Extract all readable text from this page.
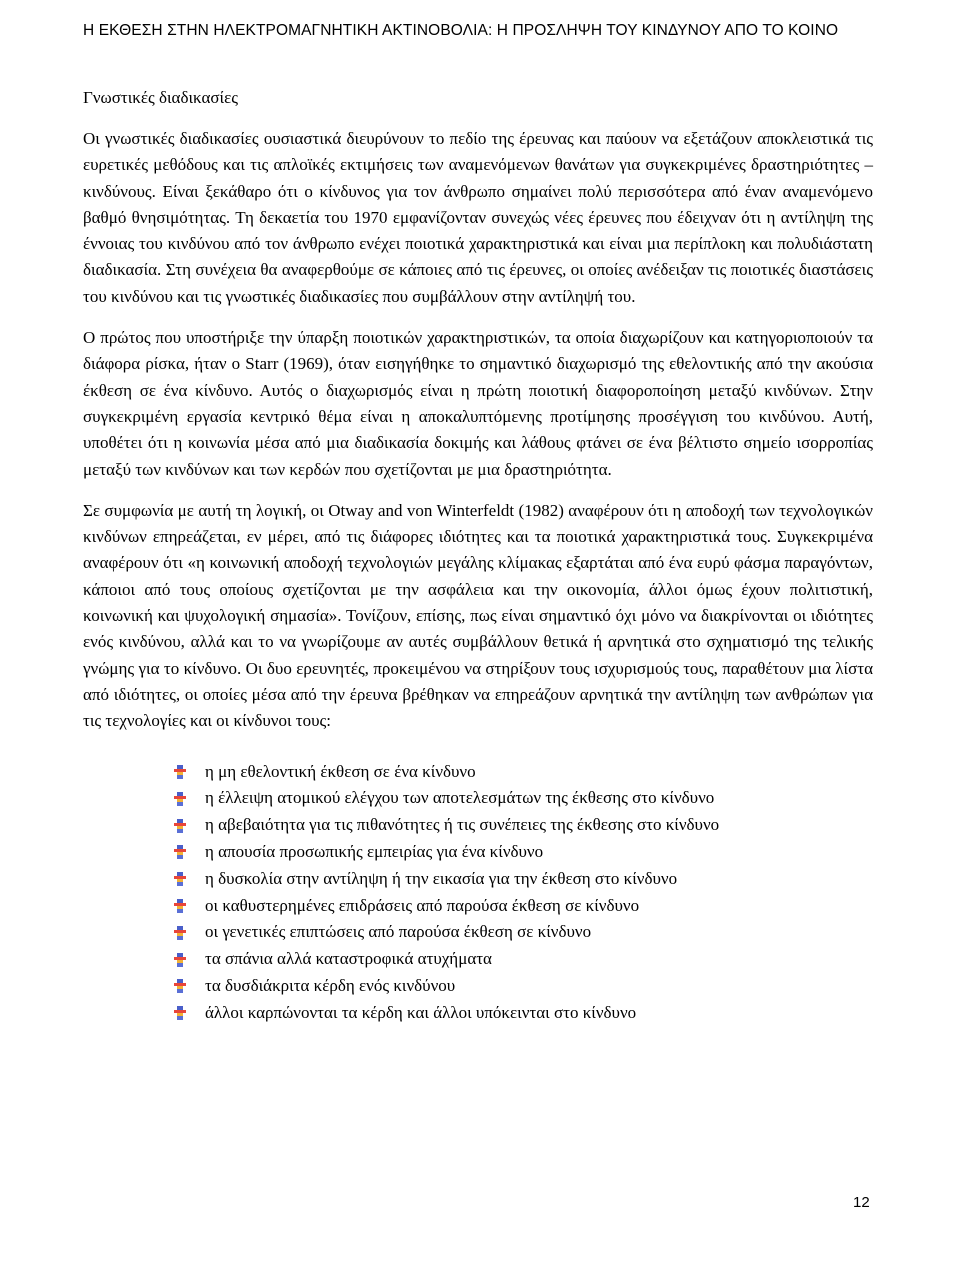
Η ΕΚΘΕΣΗ ΣΤΗΝ ΗΛΕΚΤΡΟΜΑΓΝΗΤΙΚΗ ΑΚΤΙΝΟΒΟΛΙΑ: Η ΠΡΟΣΛΗΨΗ ΤΟΥ ΚΙΝΔΥΝΟΥ ΑΠΟ ΤΟ ΚΟΙΝΟ
Γνωστικές διαδικασίες

Οι γνωστικές διαδικασίες ουσιαστικά διευρύνουν το πεδίο της έρευνας και παύουν να εξετάζουν αποκλειστικά τις ευρετικές μεθόδους και τις απλοϊκές εκτιμήσεις των αναμενόμενων θανάτων για συγκεκριμένες δραστηριότητες – κινδύνους. Είναι ξεκάθαρο ότι ο κίνδυνος για τον άνθρωπο σημαίνει πολύ περισσότερα από έναν αναμενόμενο βαθμό θνησιμότητας. Τη δεκαετία του 1970 εμφανίζονταν συνεχώς νέες έρευνες που έδειχναν ότι η αντίληψη της έννοιας του κινδύνου από τον άνθρωπο ενέχει ποιοτικά χαρακτηριστικά και είναι μια περίπλοκη και πολυδιάστατη διαδικασία. Στη συνέχεια θα αναφερθούμε σε κάποιες από τις έρευνες, οι οποίες ανέδειξαν τις ποιοτικές διαστάσεις του κινδύνου και τις γνωστικές διαδικασίες που συμβάλλουν στην αντίληψή του.

Ο πρώτος που υποστήριξε την ύπαρξη ποιοτικών χαρακτηριστικών, τα οποία διαχωρίζουν και κατηγοριοποιούν τα διάφορα ρίσκα, ήταν ο Starr (1969), όταν εισηγήθηκε το σημαντικό διαχωρισμό της εθελοντικής από την ακούσια έκθεση σε ένα κίνδυνο. Αυτός ο διαχωρισμός είναι η πρώτη ποιοτική διαφοροποίηση μεταξύ κινδύνων. Στην συγκεκριμένη εργασία κεντρικό θέμα είναι η αποκαλυπτόμενης προτίμησης προσέγγιση του κινδύνου. Αυτή, υποθέτει ότι η κοινωνία μέσα από μια διαδικασία δοκιμής και λάθους φτάνει σε ένα βέλτιστο σημείο ισορροπίας μεταξύ των κινδύνων και των κερδών που σχετίζονται με μια δραστηριότητα.

Σε συμφωνία με αυτή τη λογική, οι Otway and von Winterfeldt (1982) αναφέρουν ότι η αποδοχή των τεχνολογικών κινδύνων επηρεάζεται, εν μέρει, από τις διάφορες ιδιότητες και τα ποιοτικά χαρακτηριστικά τους. Συγκεκριμένα αναφέρουν ότι «η κοινωνική αποδοχή τεχνολογιών μεγάλης κλίμακας εξαρτάται από ένα ευρύ φάσμα παραγόντων, κάποιοι από τους οποίους σχετίζονται με την ασφάλεια και την οικονομία, άλλοι όμως έχουν πολιτιστική, κοινωνική και ψυχολογική σημασία». Τονίζουν, επίσης, πως είναι σημαντικό όχι μόνο να διακρίνονται οι ιδιότητες ενός κινδύνου, αλλά και το να γνωρίζουμε αν αυτές συμβάλλουν θετικά ή αρνητικά στο σχηματισμό της τελικής γνώμης για το κίνδυνο. Οι δυο ερευνητές, προκειμένου να στηρίξουν τους ισχυρισμούς τους, παραθέτουν μια λίστα από ιδιότητες, οι οποίες μέσα από την έρευνα βρέθηκαν να επηρεάζουν αρνητικά την αντίληψη των ανθρώπων για τις τεχνολογίες και οι κίνδυνοι τους:

η μη εθελοντική έκθεση σε ένα κίνδυνο
η έλλειψη ατομικού ελέγχου των αποτελεσμάτων της έκθεσης στο κίνδυνο
η αβεβαιότητα για τις πιθανότητες ή τις συνέπειες της έκθεσης στο κίνδυνο
η απουσία προσωπικής εμπειρίας για ένα κίνδυνο
η δυσκολία στην αντίληψη ή την εικασία για την έκθεση στο κίνδυνο
οι καθυστερημένες επιδράσεις από παρούσα έκθεση σε κίνδυνο
οι γενετικές επιπτώσεις από παρούσα έκθεση σε κίνδυνο
τα σπάνια αλλά καταστροφικά ατυχήματα
τα δυσδιάκριτα κέρδη ενός κινδύνου
άλλοι καρπώνονται τα κέρδη και άλλοι υπόκεινται στο κίνδυνο
12
